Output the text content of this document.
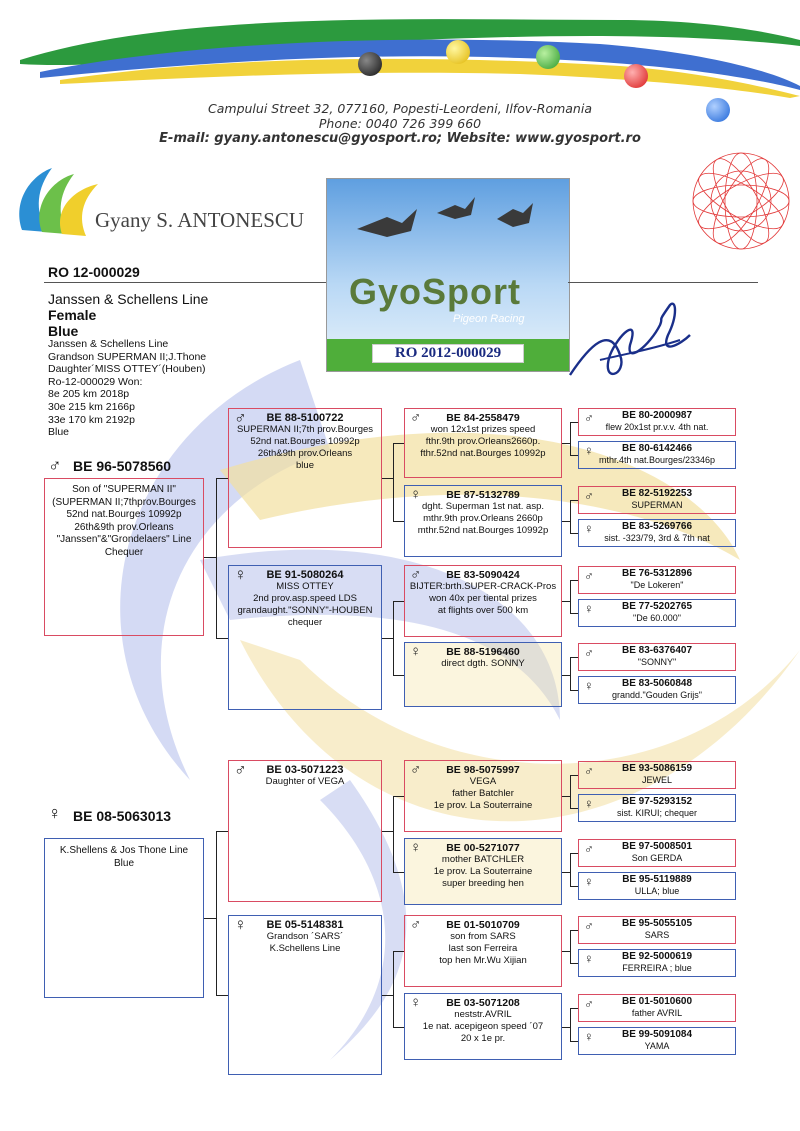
Campului Street 32, 077160, Popesti-Leordeni, Ilfov-Romania
Phone: 0040 726 399 660
E-mail: gyany.antonescu@gyosport.ro; Website: www.gyosport.ro
Gyany S. ANTONESCU
GyoSport
Pigeon Racing
RO 2012-000029
RO 12-000029
Janssen & Schellens Line
Female
Blue
Janssen & Schellens Line
Grandson SUPERMAN II;J.Thone
Daughter´MISS OTTEY´(Houben)
Ro-12-000029 Won:
8e 205 km 2018p
30e 215 km 2166p
33e 170 km 2192p
Blue
♂ BE 96-5078560
Son of "SUPERMAN II"
(SUPERMAN II;7thprov.Bourges
52nd nat.Bourges 10992p
26th&9th prov.Orleans
"Janssen"&"Grondelaers" Line
Chequer
♀ BE 08-5063013
K.Shellens & Jos Thone Line
Blue
♂	BE 88-5100722
SUPERMAN II;7th prov.Bourges
52nd nat.Bourges 10992p
26th&9th prov.Orleans
blue
♀	BE 91-5080264
MISS OTTEY
2nd prov.asp.speed LDS
grandaught."SONNY"-HOUBEN
chequer
♂	BE 03-5071223
Daughter of VEGA
♀	BE 05-5148381
Grandson ´SARS´
K.Schellens Line
♂	BE 84-2558479
won 12x1st prizes speed
fthr.9th prov.Orleans2660p.
fthr.52nd nat.Bourges 10992p
♀	BE 87-5132789
dght. Superman 1st nat. asp.
mthr.9th prov.Orleans 2660p
mthr.52nd nat.Bourges 10992p
♂	BE 83-5090424
BIJTER:brth.SUPER-CRACK-Pros
won 40x per tiental prizes
at flights over 500 km
♀	BE 88-5196460
direct dgth. SONNY
♂	BE 98-5075997
VEGA
father Batchler
1e prov. La Souterraine
♀	BE 00-5271077
mother BATCHLER
1e prov. La Souterraine
super breeding hen
♂	BE 01-5010709
son from SARS
last son Ferreira
top hen Mr.Wu Xijian
♀	BE 03-5071208
neststr.AVRIL
1e nat. acepigeon speed ´07
20 x 1e pr.
♂	BE 80-2000987
flew 20x1st pr.v.v. 4th nat.
♀	BE 80-6142466
mthr.4th nat.Bourges/23346p
♂	BE 82-5192253
SUPERMAN
♀	BE 83-5269766
sist. -323/79, 3rd & 7th nat
♂	BE 76-5312896
"De Lokeren"
♀	BE 77-5202765
"De 60.000"
♂	BE 83-6376407
"SONNY"
♀	BE 83-5060848
grandd."Gouden Grijs"
♂	BE 93-5086159
JEWEL
♀	BE 97-5293152
sist. KIRUI; chequer
♂	BE 97-5008501
Son GERDA
♀	BE 95-5119889
ULLA; blue
♂	BE 95-5055105
SARS
♀	BE 92-5000619
FERREIRA ; blue
♂	BE 01-5010600
father AVRIL
♀	BE 99-5091084
YAMA
